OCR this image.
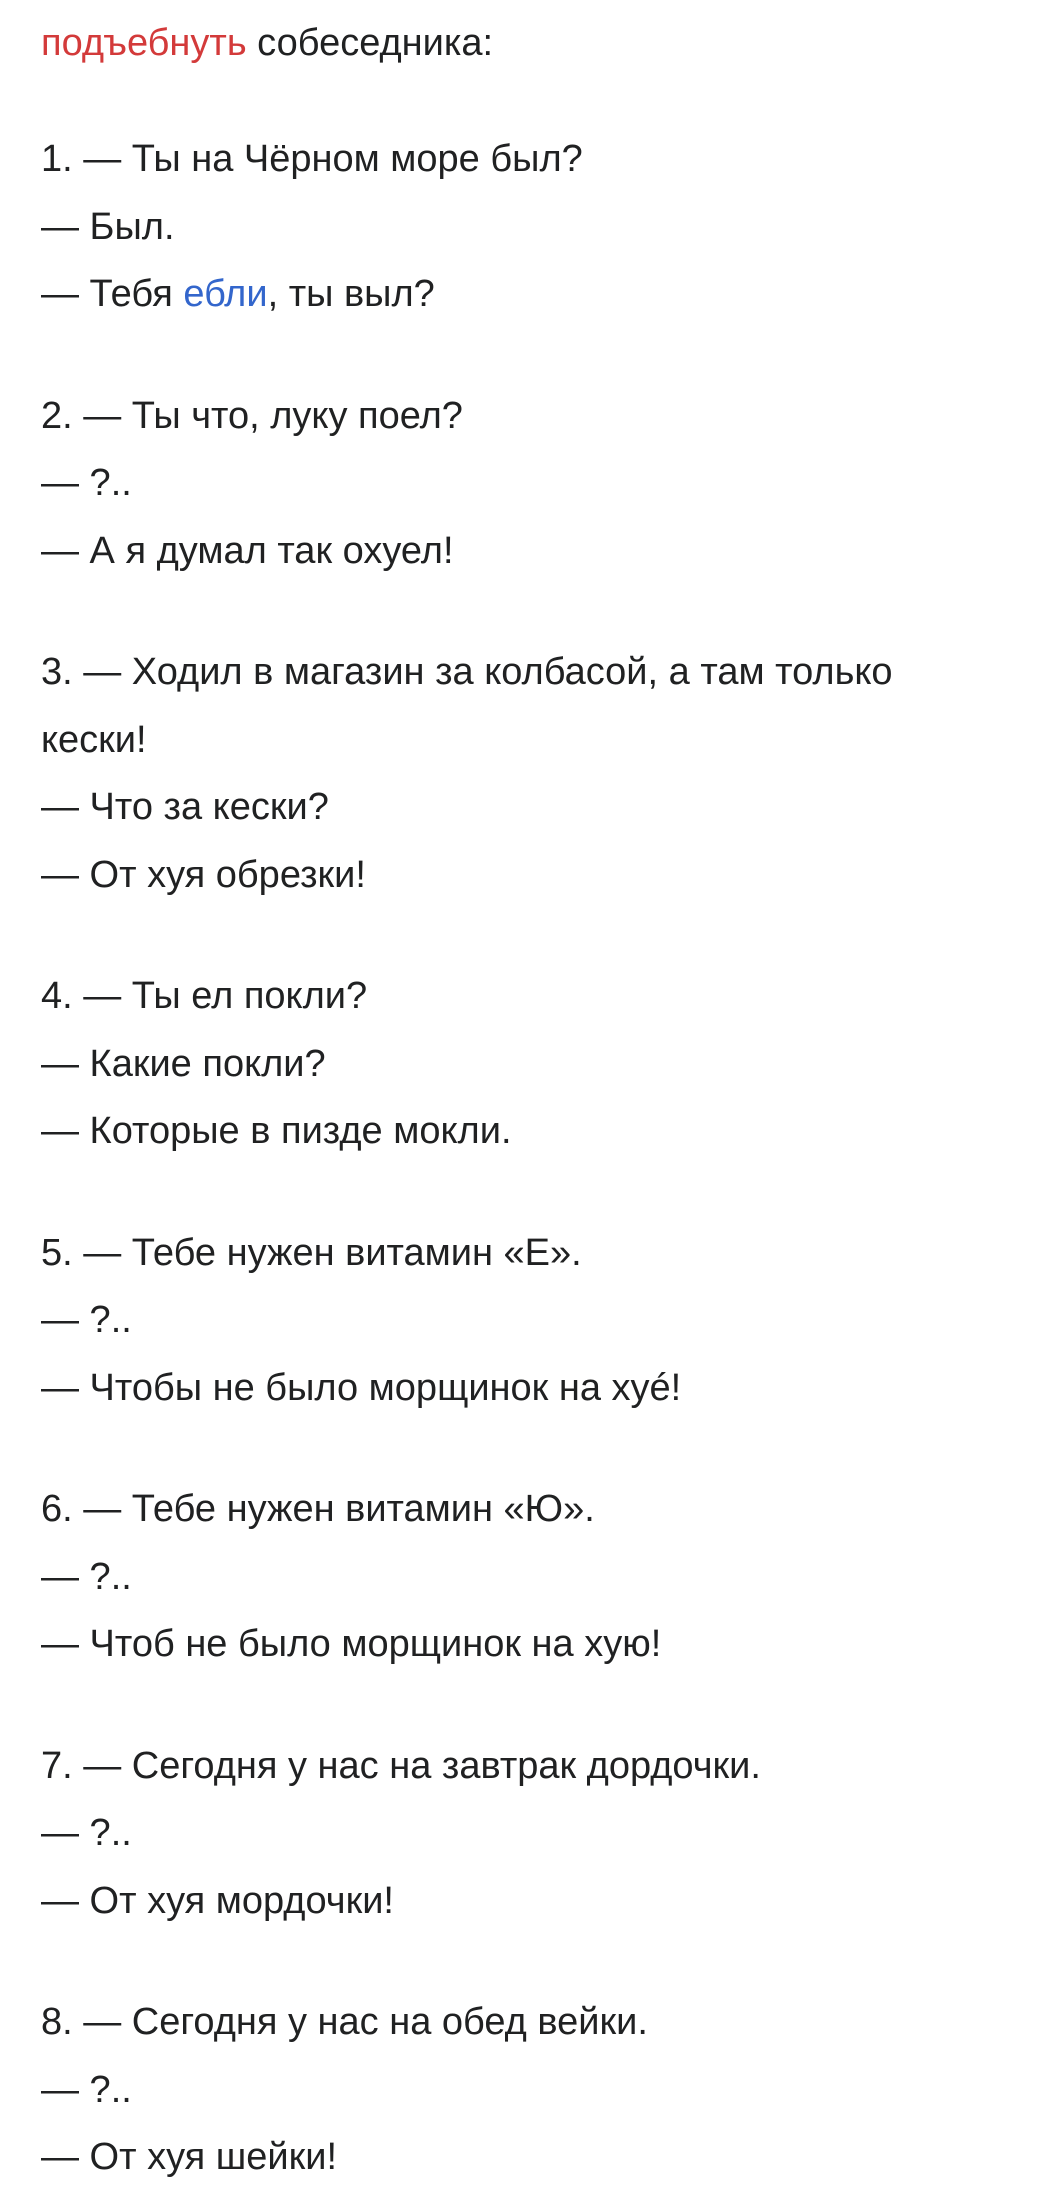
подъебнуть собеседника:

1. — Ты на Чёрном море был?
— Был.
— Тебя ебли, ты выл?
2. — Ты что, луку поел?
— ?..
— А я думал так охуел!
3. — Ходил в магазин за колбасой, а там только кески!
— Что за кески?
— От хуя обрезки!
4. — Ты ел покли?
— Какие покли?
— Которые в пизде мокли.
5. — Тебе нужен витамин «Е».
— ?..
— Чтобы не было морщинок на хуé!
6. — Тебе нужен витамин «Ю».
— ?..
— Чтоб не было морщинок на хую!
7. — Сегодня у нас на завтрак дордочки.
— ?..
— От хуя мордочки!
8. — Сегодня у нас на обед вейки.
— ?..
— От хуя шейки!
